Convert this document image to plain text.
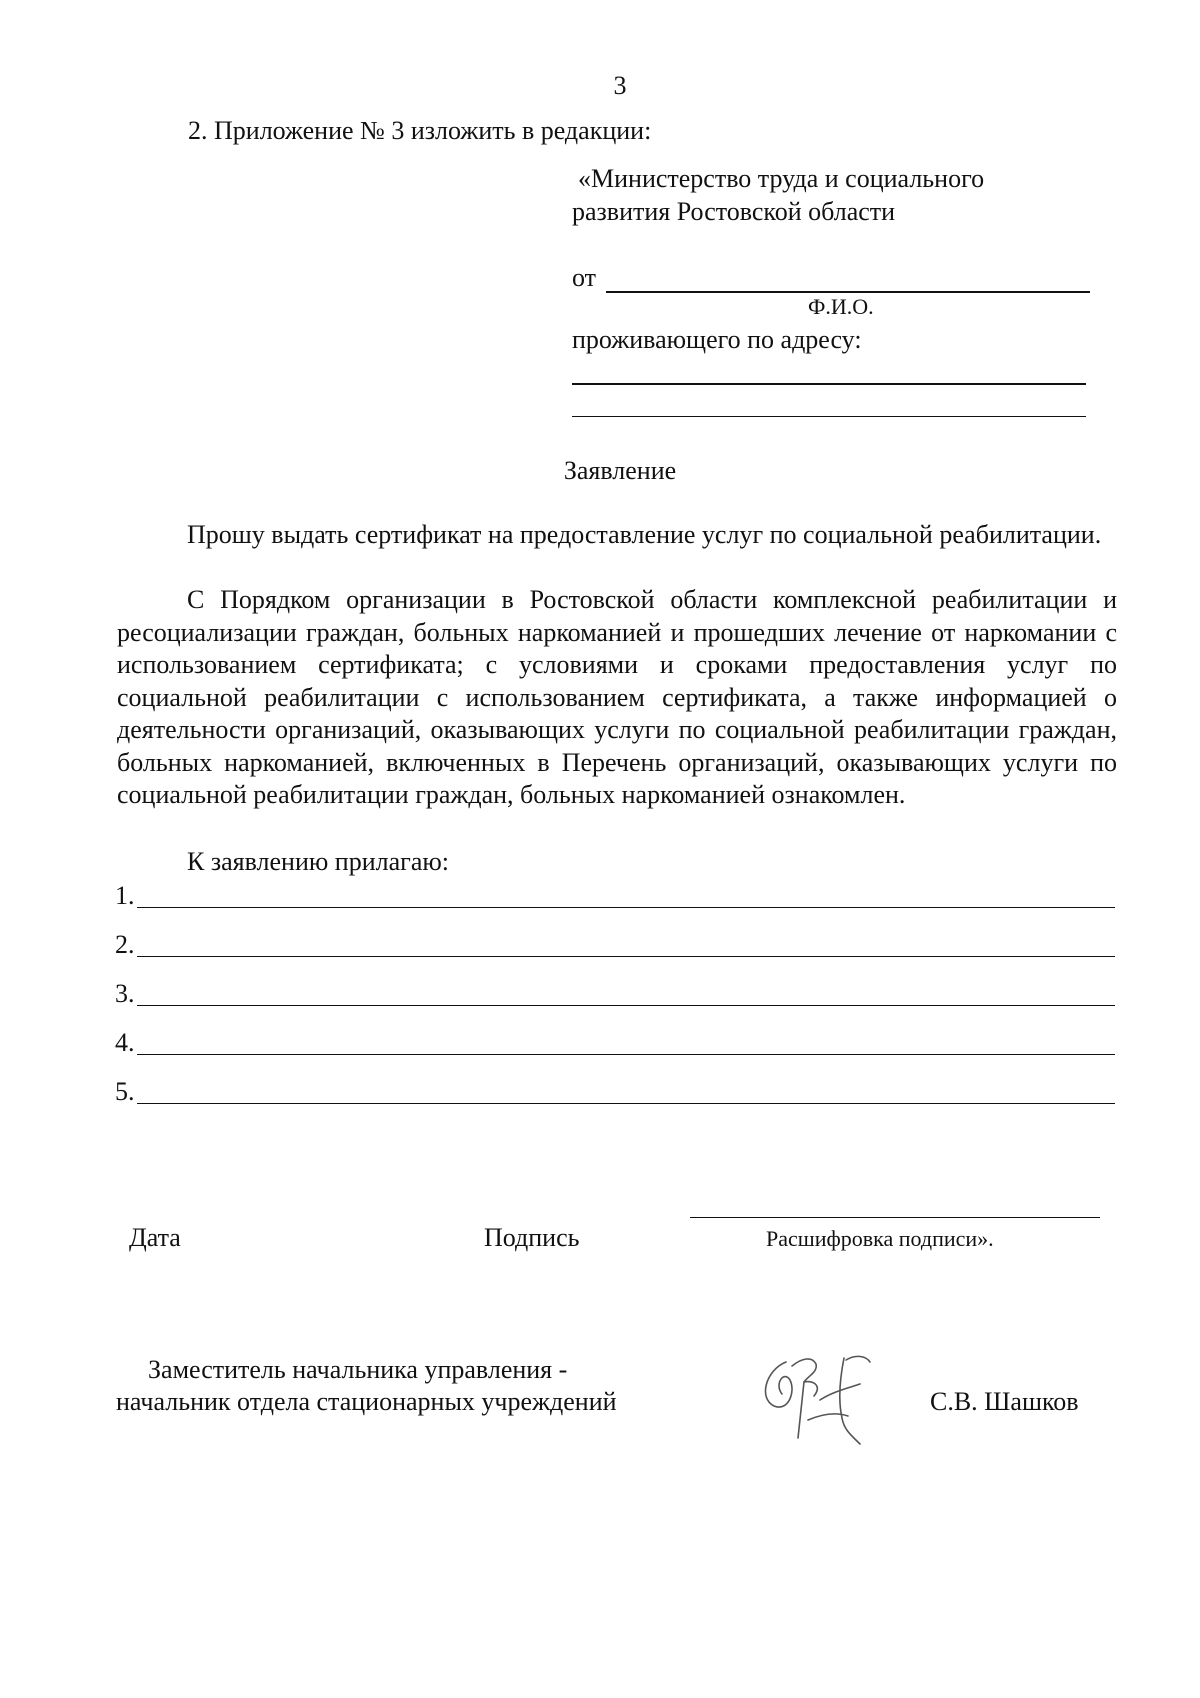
3
2. Приложение № 3 изложить в редакции:
«Министерство труда и социального
развития Ростовской области
от
Ф.И.О.
проживающего по адресу:
Заявление

Прошу выдать сертификат на предоставление услуг по социальной реабилитации.

С Порядком организации в Ростовской области комплексной реабилитации и ресоциализации граждан, больных наркоманией и прошедших лечение от наркомании с использованием сертификата; с условиями и сроками предоставления услуг по социальной реабилитации с использованием сертификата, а также информацией о деятельности организаций, оказывающих услуги по социальной реабилитации граждан, больных наркоманией, включенных в Перечень организаций, оказывающих услуги по социальной реабилитации граждан, больных наркоманией ознакомлен.

К заявлению прилагаю:
1.
2.
3.
4.
5.
Дата	Подпись	Расшифровка подписи».
Заместитель начальника управления -
начальник отдела стационарных учреждений	С.В. Шашков
